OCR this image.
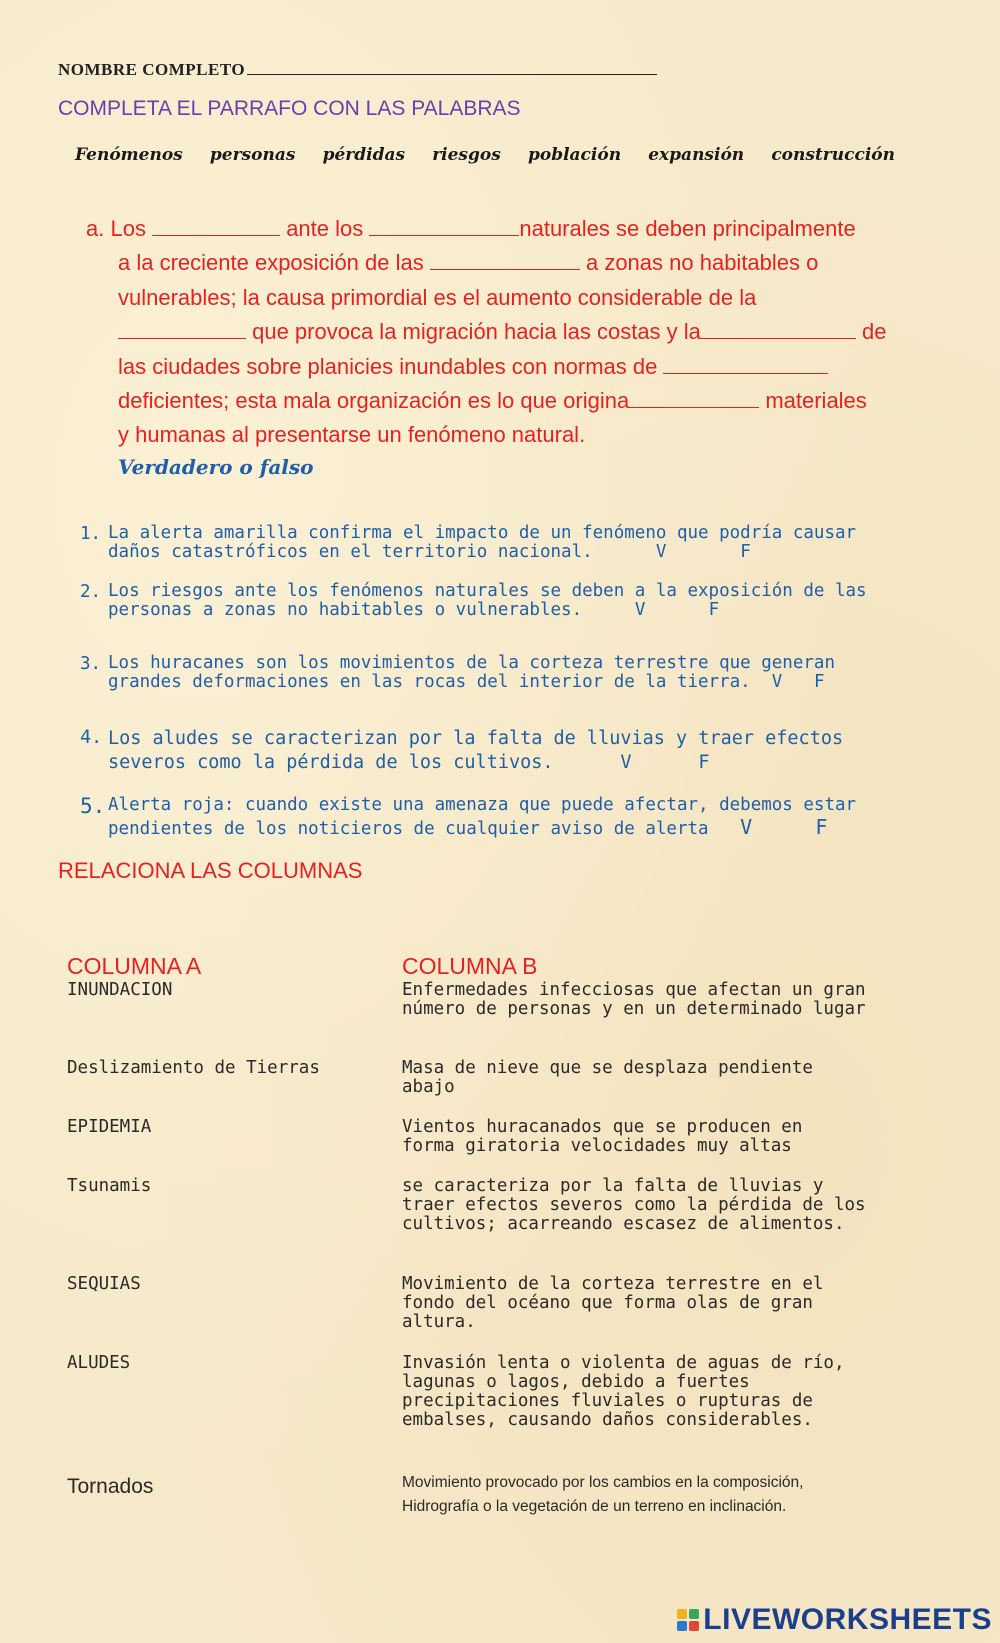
NOMBRE COMPLETO
COMPLETA EL PARRAFO CON LAS PALABRAS
Fenómenos personas pérdidas riesgos población expansión construcción
a. Los	ante los	naturales se deben principalmente
a la creciente exposición de las	a zonas no habitables o
vulnerables; la causa primordial es el aumento considerable de la
que provoca la migración hacia las costas y la	de
las ciudades sobre planicies inundables con normas de
deficientes; esta mala organización es lo que origina	materiales
y humanas al presentarse un fenómeno natural.
Verdadero o falso
1. La alerta amarilla confirma el impacto de un fenómeno que podría causar
daños catastróficos en el territorio nacional.	V	F
2. Los riesgos ante los fenómenos naturales se deben a la exposición de las
personas a zonas no habitables o vulnerables.	V	F
3. Los huracanes son los movimientos de la corteza terrestre que generan
grandes deformaciones en las rocas del interior de la tierra. V F
4. Los aludes se caracterizan por la falta de lluvias y traer efectos
severos como la pérdida de los cultivos.	V	F
5. Alerta roja: cuando existe una amenaza que puede afectar, debemos estar
pendientes de los noticieros de cualquier aviso de alerta V	F
RELACIONA LAS COLUMNAS
COLUMNA A	COLUMNA B
INUNDACION	Enfermedades infecciosas que afectan un gran número de personas y en un determinado lugar
Deslizamiento de Tierras	Masa de nieve que se desplaza pendiente abajo
EPIDEMIA	Vientos huracanados que se producen en forma giratoria velocidades muy altas
Tsunamis	se caracteriza por la falta de lluvias y traer efectos severos como la pérdida de los cultivos; acarreando escasez de alimentos.
SEQUIAS	Movimiento de la corteza terrestre en el fondo del océano que forma olas de gran altura.
ALUDES	Invasión lenta o violenta de aguas de río, lagunas o lagos, debido a fuertes precipitaciones fluviales o rupturas de embalses, causando daños considerables.
Tornados	Movimiento provocado por los cambios en la composición, Hidrografía o la vegetación de un terreno en inclinación.
LIVEWORKSHEETS
